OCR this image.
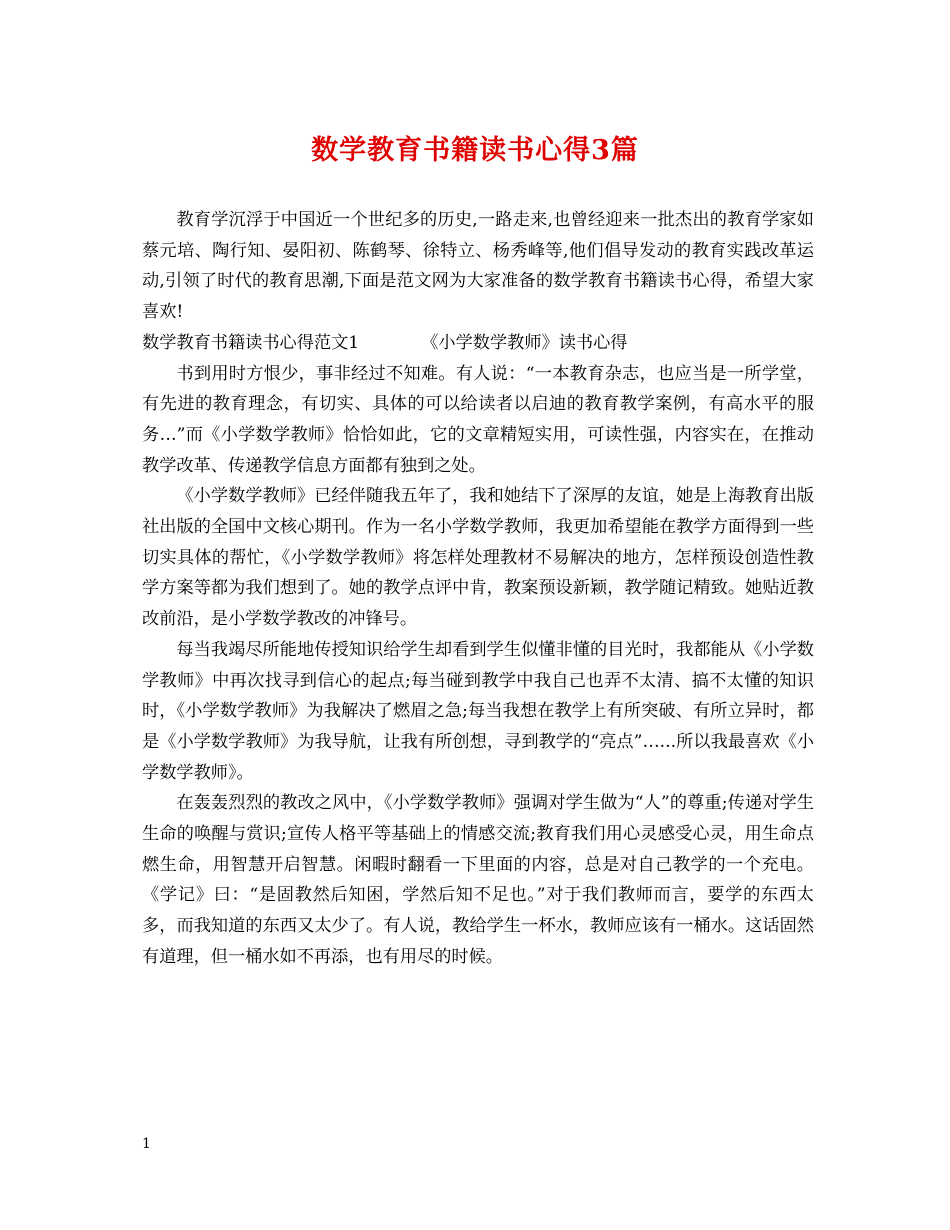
数学教育书籍读书心得3篇

教育学沉浮于中国近一个世纪多的历史,一路走来,也曾经迎来一批杰出的教育学家如蔡元培、陶行知、晏阳初、陈鹤琴、徐特立、杨秀峰等,他们倡导发动的教育实践改革运动,引领了时代的教育思潮,下面是范文网为大家准备的数学教育书籍读书心得，希望大家喜欢!

数学教育书籍读书心得范文1	《小学数学教师》读书心得

书到用时方恨少，事非经过不知难。有人说：“一本教育杂志，也应当是一所学堂，有先进的教育理念，有切实、具体的可以给读者以启迪的教育教学案例，有高水平的服务…”而《小学数学教师》恰恰如此，它的文章精短实用，可读性强，内容实在，在推动教学改革、传递教学信息方面都有独到之处。

《小学数学教师》已经伴随我五年了，我和她结下了深厚的友谊，她是上海教育出版社出版的全国中文核心期刊。作为一名小学数学教师，我更加希望能在教学方面得到一些切实具体的帮忙，《小学数学教师》将怎样处理教材不易解决的地方，怎样预设创造性教学方案等都为我们想到了。她的教学点评中肯，教案预设新颖，教学随记精致。她贴近教改前沿，是小学数学教改的冲锋号。

每当我竭尽所能地传授知识给学生却看到学生似懂非懂的目光时，我都能从《小学数学教师》中再次找寻到信心的起点;每当碰到教学中我自己也弄不太清、搞不太懂的知识时，《小学数学教师》为我解决了燃眉之急;每当我想在教学上有所突破、有所立异时，都是《小学数学教师》为我导航，让我有所创想，寻到教学的“亮点”…...所以我最喜欢《小学数学教师》。

在轰轰烈烈的教改之风中，《小学数学教师》强调对学生做为“人”的尊重;传递对学生生命的唤醒与赏识;宣传人格平等基础上的情感交流;教育我们用心灵感受心灵，用生命点燃生命，用智慧开启智慧。闲暇时翻看一下里面的内容，总是对自己教学的一个充电。《学记》曰：“是固教然后知困，学然后知不足也。”对于我们教师而言，要学的东西太多，而我知道的东西又太少了。有人说，教给学生一杯水，教师应该有一桶水。这话固然有道理，但一桶水如不再添，也有用尽的时候。

1
